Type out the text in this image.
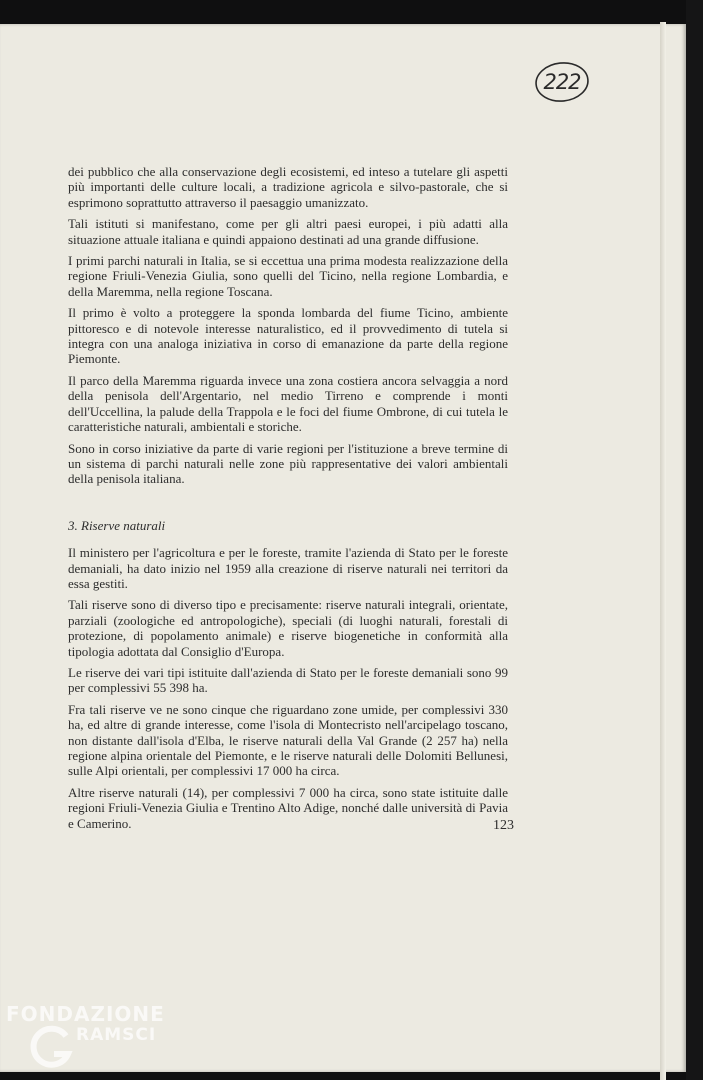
222

dei pubblico che alla conservazione degli ecosistemi, ed inteso a tutelare gli aspetti più importanti delle culture locali, a tradizione agricola e silvo-pastorale, che si esprimono soprattutto attraverso il paesaggio umanizzato.

Tali istituti si manifestano, come per gli altri paesi europei, i più adatti alla situazione attuale italiana e quindi appaiono destinati ad una grande diffusione.

I primi parchi naturali in Italia, se si eccettua una prima modesta realizzazione della regione Friuli-Venezia Giulia, sono quelli del Ticino, nella regione Lombardia, e della Maremma, nella regione Toscana.

Il primo è volto a proteggere la sponda lombarda del fiume Ticino, ambiente pittoresco e di notevole interesse naturalistico, ed il provvedimento di tutela si integra con una analoga iniziativa in corso di emanazione da parte della regione Piemonte.

Il parco della Maremma riguarda invece una zona costiera ancora selvaggia a nord della penisola dell'Argentario, nel medio Tirreno e comprende i monti dell'Uccellina, la palude della Trappola e le foci del fiume Ombrone, di cui tutela le caratteristiche naturali, ambientali e storiche.

Sono in corso iniziative da parte di varie regioni per l'istituzione a breve termine di un sistema di parchi naturali nelle zone più rappresentative dei valori ambientali della penisola italiana.

3. Riserve naturali

Il ministero per l'agricoltura e per le foreste, tramite l'azienda di Stato per le foreste demaniali, ha dato inizio nel 1959 alla creazione di riserve naturali nei territori da essa gestiti.

Tali riserve sono di diverso tipo e precisamente: riserve naturali integrali, orientate, parziali (zoologiche ed antropologiche), speciali (di luoghi naturali, forestali di protezione, di popolamento animale) e riserve biogenetiche in conformità alla tipologia adottata dal Consiglio d'Europa.

Le riserve dei vari tipi istituite dall'azienda di Stato per le foreste demaniali sono 99 per complessivi 55 398 ha.

Fra tali riserve ve ne sono cinque che riguardano zone umide, per complessivi 330 ha, ed altre di grande interesse, come l'isola di Montecristo nell'arcipelago toscano, non distante dall'isola d'Elba, le riserve naturali della Val Grande (2 257 ha) nella regione alpina orientale del Piemonte, e le riserve naturali delle Dolomiti Bellunesi, sulle Alpi orientali, per complessivi 17 000 ha circa.

Altre riserve naturali (14), per complessivi 7 000 ha circa, sono state istituite dalle regioni Friuli-Venezia Giulia e Trentino Alto Adige, nonché dalle università di Pavia e Camerino.	123
FONDAZIONE
RAMSCI
